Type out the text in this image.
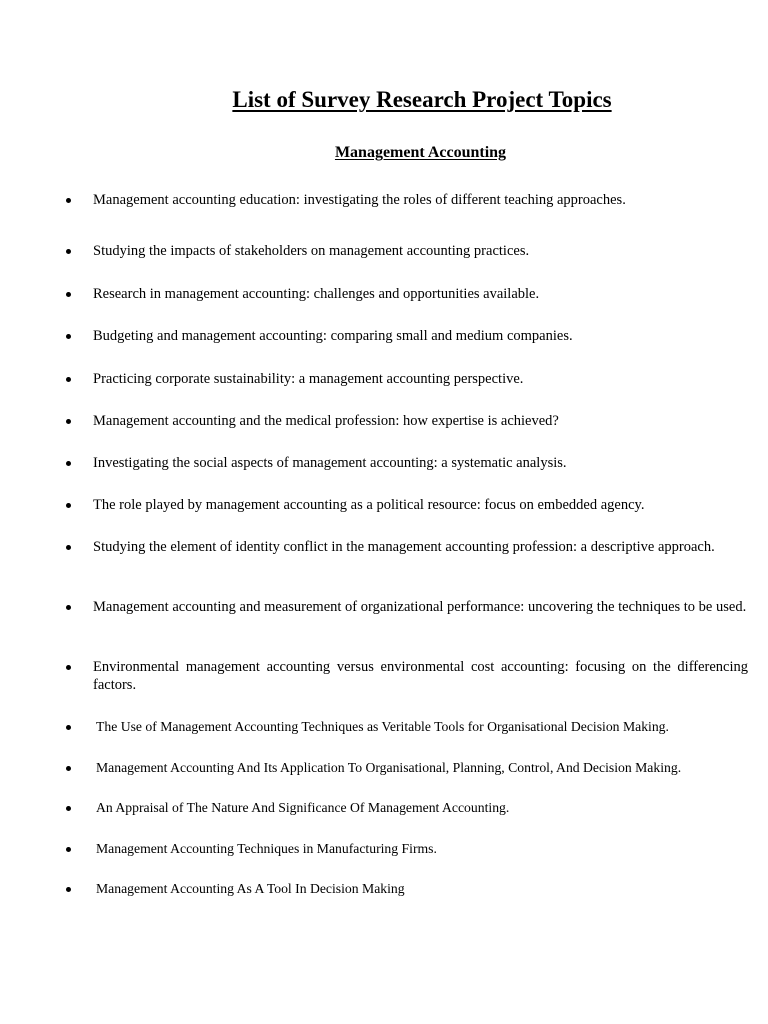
List of Survey Research Project Topics
Management Accounting
Management accounting education: investigating the roles of different teaching approaches.
Studying the impacts of stakeholders on management accounting practices.
Research in management accounting: challenges and opportunities available.
Budgeting and management accounting: comparing small and medium companies.
Practicing corporate sustainability: a management accounting perspective.
Management accounting and the medical profession: how expertise is achieved?
Investigating the social aspects of management accounting: a systematic analysis.
The role played by management accounting as a political resource: focus on embedded agency.
Studying the element of identity conflict in the management accounting profession: a descriptive approach.
Management accounting and measurement of organizational performance: uncovering the techniques to be used.
Environmental management accounting versus environmental cost accounting: focusing on the differencing factors.
The Use of Management Accounting Techniques as Veritable Tools for Organisational Decision Making.
Management Accounting And Its Application To Organisational, Planning, Control, And Decision Making.
An Appraisal of The Nature And Significance Of Management Accounting.
Management Accounting Techniques in Manufacturing Firms.
Management Accounting As A Tool In Decision Making
